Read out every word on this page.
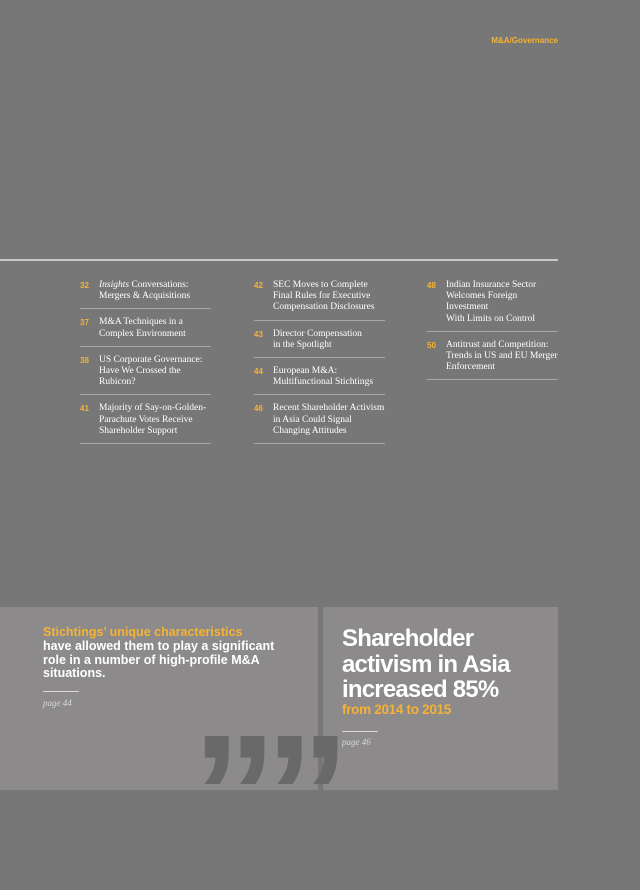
M&A/Governance
32	Insights Conversations:
Mergers & Acquisitions
37	M&A Techniques in a
Complex Environment
38	US Corporate Governance:
Have We Crossed the
Rubicon?
41	Majority of Say-on-Golden-
Parachute Votes Receive
Shareholder Support
42	SEC Moves to Complete
Final Rules for Executive
Compensation Disclosures
43	Director Compensation
in the Spotlight
44	European M&A:
Multifunctional Stichtings
46	Recent Shareholder Activism
in Asia Could Signal
Changing Attitudes
48	Indian Insurance Sector
Welcomes Foreign Investment
With Limits on Control
50	Antitrust and Competition:
Trends in US and EU Merger
Enforcement
Stichtings’ unique characteristics
have allowed them to play a significant
role in a number of high-profile M&A
situations.
page 44 ””
Shareholder
activism in Asia
increased 85%
from 2014 to 2015
page 46
